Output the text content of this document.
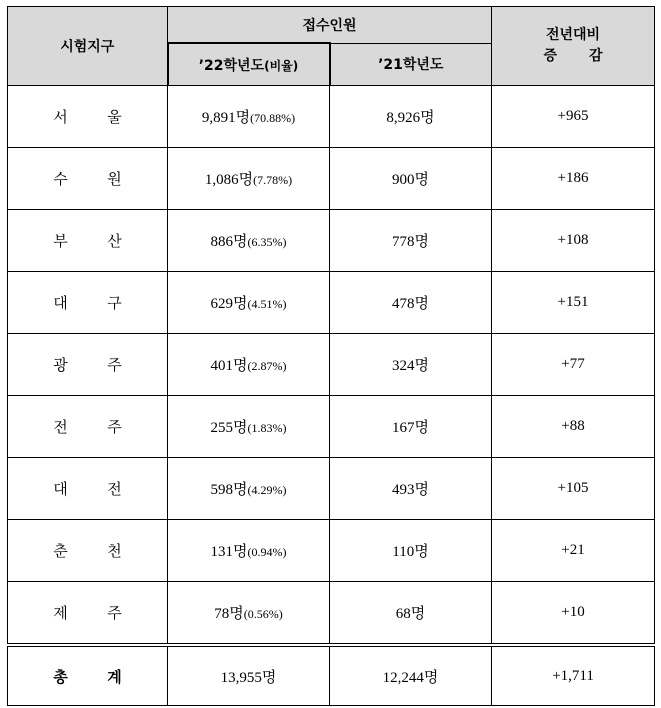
시험지구	접수인원		전년대비
증 감

	’22학년도(비율)	’21학년도	
서 울	9,891명(70.88%)	8,926명	+965
수 원	1,086명(7.78%)	900명	+186
부 산	886명(6.35%)	778명	+108
대 구	629명(4.51%)	478명	+151
광 주	401명(2.87%)	324명	+77
전 주	255명(1.83%)	167명	+88
대 전	598명(4.29%)	493명	+105
춘 천	131명(0.94%)	110명	+21
제 주	78명(0.56%)	68명	+10
총 계	13,955명	12,244명	+1,711
